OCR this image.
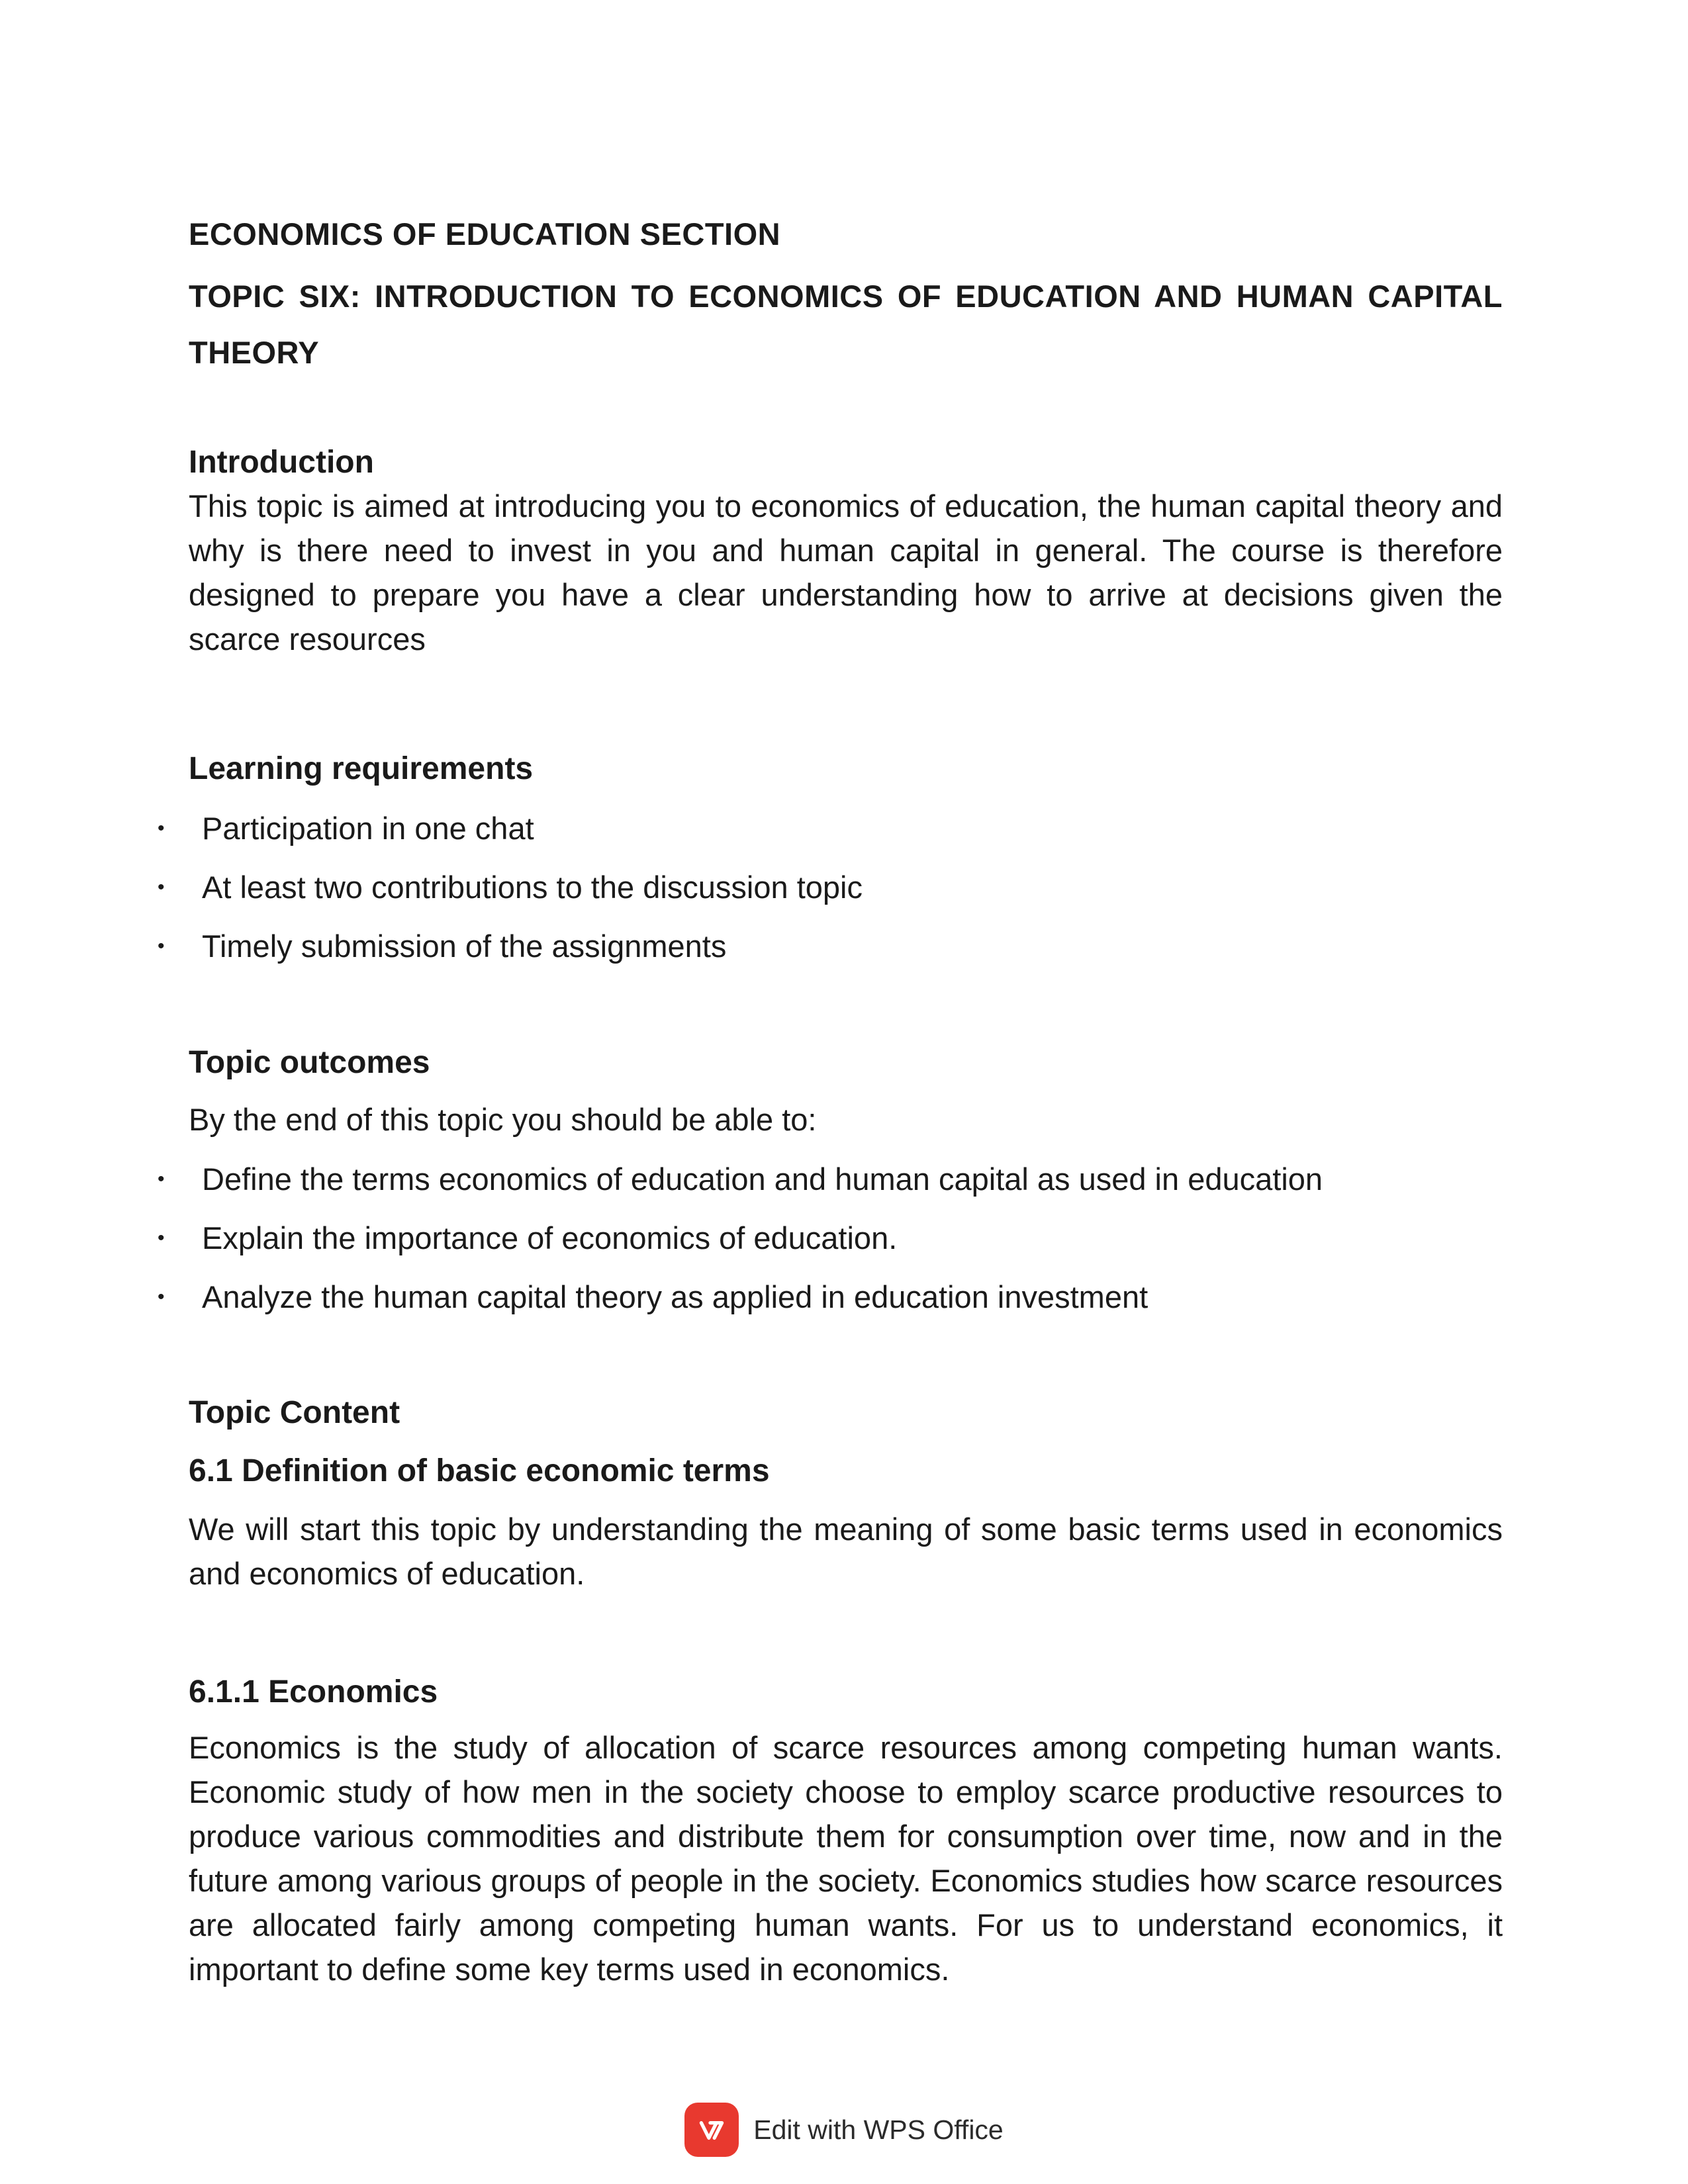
ECONOMICS OF EDUCATION SECTION
TOPIC SIX: INTRODUCTION TO ECONOMICS OF EDUCATION AND HUMAN CAPITAL THEORY
Introduction

This topic is aimed at introducing you to economics of education, the human capital theory and why is there need to invest in you and human capital in general. The course is therefore designed to prepare you have a clear understanding how to arrive at decisions given the scarce resources

Learning requirements
•	Participation in one chat
•	At least two contributions to the discussion topic
•	Timely submission of the assignments
Topic outcomes

By the end of this topic you should be able to:

•	Define the terms economics of education and human capital as used in education
•	Explain the importance of economics of education.
•	Analyze the human capital theory as applied in education investment
Topic Content
6.1 Definition of basic economic terms

We will start this topic by understanding the meaning of some basic terms used in economics and economics of education.

6.1.1 Economics

Economics is the study of allocation of scarce resources among competing human wants. Economic study of how men in the society choose to employ scarce productive resources to produce various commodities and distribute them for consumption over time, now and in the future among various groups of people in the society. Economics studies how scarce resources are allocated fairly among competing human wants. For us to understand economics, it important to define some key terms used in economics.

Edit with WPS Office
